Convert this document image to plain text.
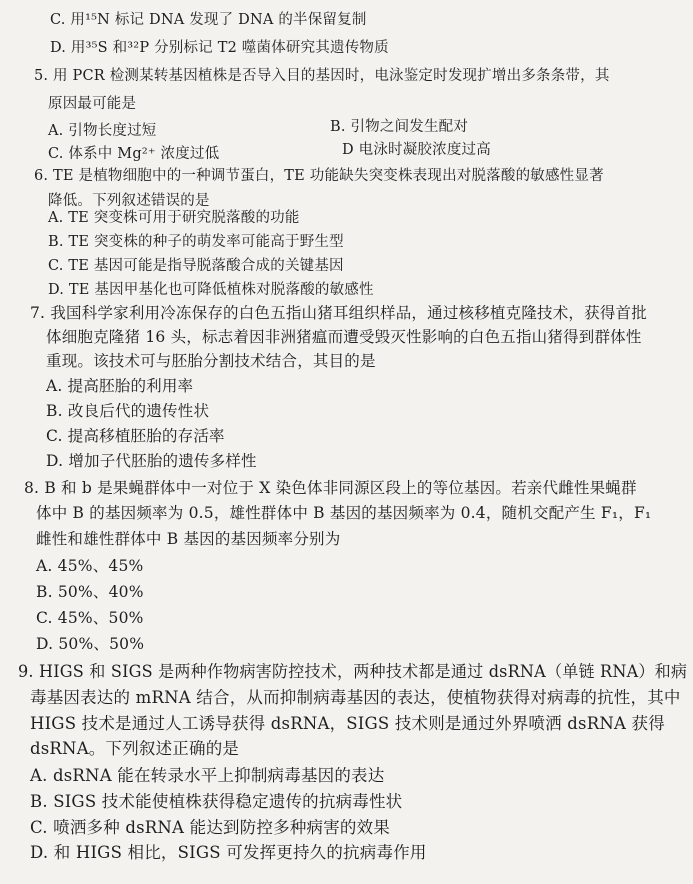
C. 用¹⁵N 标记 DNA 发现了 DNA 的半保留复制
D. 用³⁵S 和³²P 分别标记 T2 噬菌体研究其遗传物质
5. 用 PCR 检测某转基因植株是否导入目的基因时，电泳鉴定时发现扩增出多条条带，其
原因最可能是
A. 引物长度过短	B. 引物之间发生配对
C. 体系中 Mg²⁺ 浓度过低	D 电泳时凝胶浓度过高
6. TE 是植物细胞中的一种调节蛋白，TE 功能缺失突变株表现出对脱落酸的敏感性显著
降低。下列叙述错误的是
A. TE 突变株可用于研究脱落酸的功能
B. TE 突变株的种子的萌发率可能高于野生型
C. TE 基因可能是指导脱落酸合成的关键基因
D. TE 基因甲基化也可降低植株对脱落酸的敏感性
7. 我国科学家利用冷冻保存的白色五指山猪耳组织样品，通过核移植克隆技术，获得首批
体细胞克隆猪 16 头，标志着因非洲猪瘟而遭受毁灭性影响的白色五指山猪得到群体性
重现。该技术可与胚胎分割技术结合，其目的是
A. 提高胚胎的利用率
B. 改良后代的遗传性状
C. 提高移植胚胎的存活率
D. 增加子代胚胎的遗传多样性
8. B 和 b 是果蝇群体中一对位于 X 染色体非同源区段上的等位基因。若亲代雌性果蝇群
体中 B 的基因频率为 0.5，雄性群体中 B 基因的基因频率为 0.4，随机交配产生 F₁，F₁
雌性和雄性群体中 B 基因的基因频率分别为
A. 45%、45%
B. 50%、40%
C. 45%、50%
D. 50%、50%
9. HIGS 和 SIGS 是两种作物病害防控技术，两种技术都是通过 dsRNA（单链 RNA）和病
毒基因表达的 mRNA 结合，从而抑制病毒基因的表达，使植物获得对病毒的抗性，其中
HIGS 技术是通过人工诱导获得 dsRNA，SIGS 技术则是通过外界喷洒 dsRNA 获得
dsRNA。下列叙述正确的是
A. dsRNA 能在转录水平上抑制病毒基因的表达
B. SIGS 技术能使植株获得稳定遗传的抗病毒性状
C. 喷洒多种 dsRNA 能达到防控多种病害的效果
D. 和 HIGS 相比，SIGS 可发挥更持久的抗病毒作用
